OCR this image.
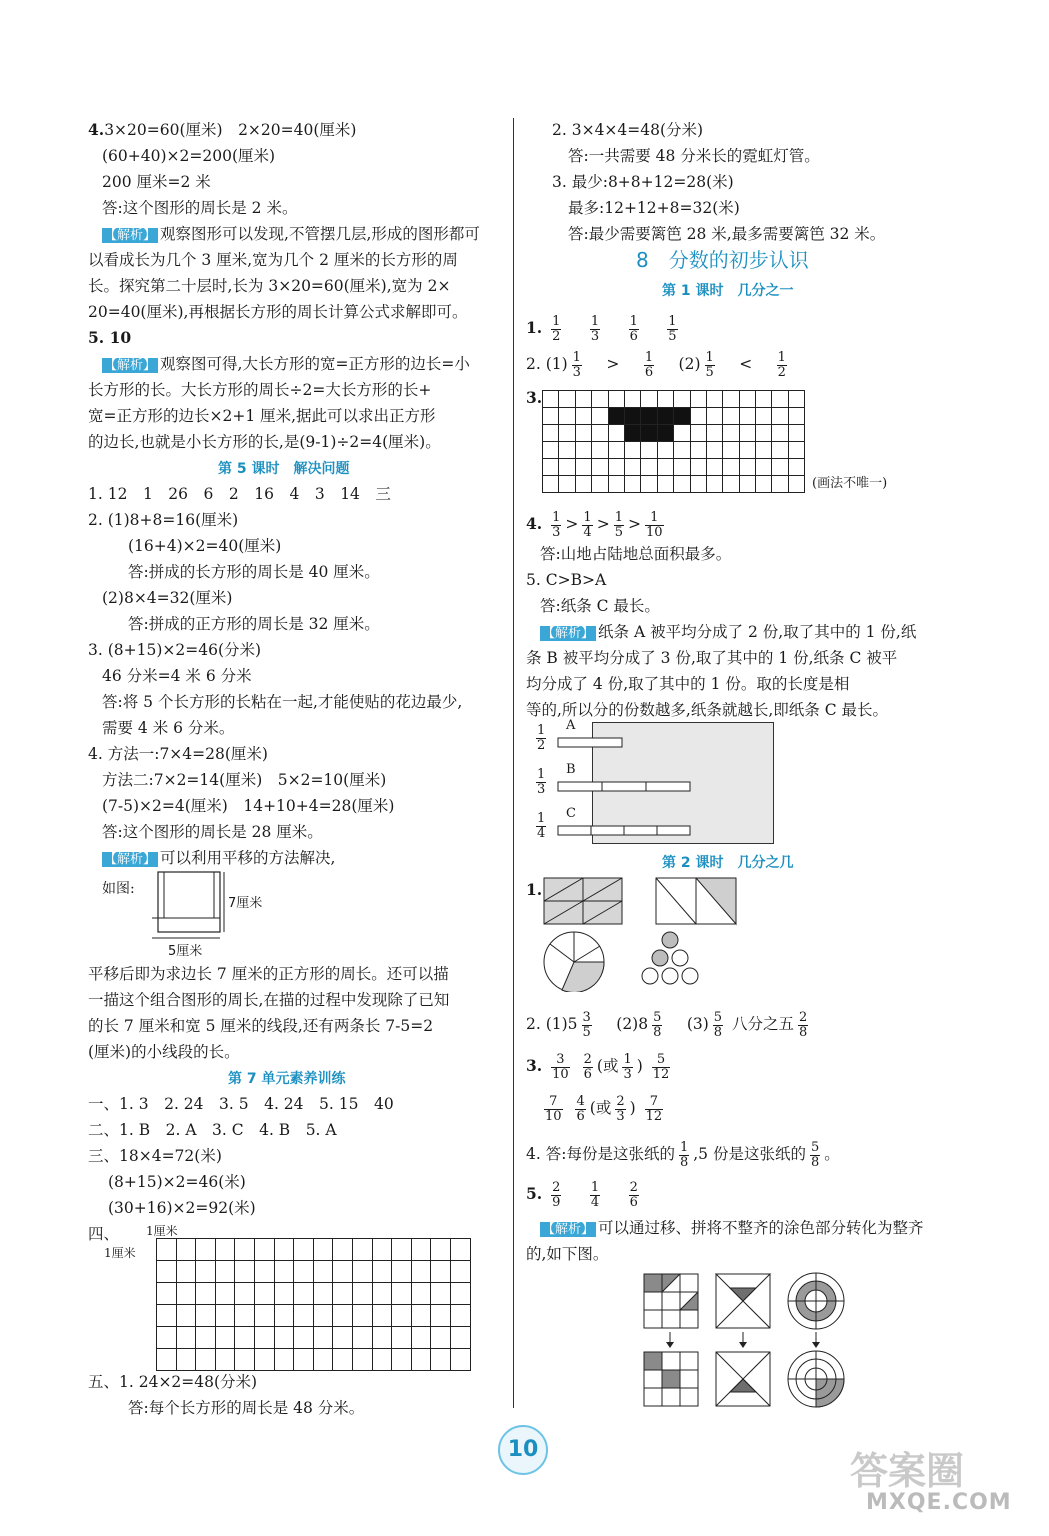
4.3×20=60(厘米)　2×20=40(厘米)
(60+40)×2=200(厘米)
200 厘米=2 米
答:这个图形的周长是 2 米。
【解析】 观察图形可以发现,不管摆几层,形成的图形都可
以看成长为几个 3 厘米,宽为几个 2 厘米的长方形的周
长。探究第二十层时,长为 3×20=60(厘米),宽为 2×
20=40(厘米),再根据长方形的周长计算公式求解即可。
5. 10
【解析】 观察图可得,大长方形的宽=正方形的边长=小
长方形的长。大长方形的周长÷2=大长方形的长+
宽=正方形的边长×2+1 厘米,据此可以求出正方形
的边长,也就是小长方形的长,是(9-1)÷2=4(厘米)。
第 5 课时　解决问题
1. 12　1　26　6　2　16　4　3　14　三
2. (1)8+8=16(厘米)
(16+4)×2=40(厘米)
答:拼成的长方形的周长是 40 厘米。
(2)8×4=32(厘米)
答:拼成的正方形的周长是 32 厘米。
3. (8+15)×2=46(分米)
46 分米=4 米 6 分米
答:将 5 个长方形的长粘在一起,才能使贴的花边最少,
需要 4 米 6 分米。
4. 方法一:7×4=28(厘米)
方法二:7×2=14(厘米)　5×2=10(厘米)
(7-5)×2=4(厘米)　14+10+4=28(厘米)
答:这个图形的周长是 28 厘米。
【解析】 可以利用平移的方法解决,
如图:
7厘米
5厘米
平移后即为求边长 7 厘米的正方形的周长。还可以描
一描这个组合图形的周长,在描的过程中发现除了已知
的长 7 厘米和宽 5 厘米的线段,还有两条长 7-5=2
(厘米)的小线段的长。
第 7 单元素养训练
一、1. 3　2. 24　3. 5　4. 24　5. 15　40
二、1. B　2. A　3. C　4. B　5. A
三、18×4=72(米)
(8+15)×2=46(米)
(30+16)×2=92(米)
四、 1厘米
1厘米
五、1. 24×2=48(分米)
答:每个长方形的周长是 48 分米。
2. 3×4×4=48(分米)
答:一共需要 48 分米长的霓虹灯管。
3. 最少:8+8+12=28(米)
最多:12+12+8=32(米)
答:最少需要篱笆 28 米,最多需要篱笆 32 米。
8　分数的初步认识
第 1 课时　几分之一
1. $\frac{1}{2}$
　 $\frac{1}{3}$
　 $\frac{1}{6}$
　 $\frac{1}{5}$
2. $(1) \frac{1}{3}$
　 >　 $\frac{1}{6}$
　 $(2) \frac{1}{5}$
　 <　 $\frac{1}{2}$
3.
(画法不唯一)
4. $\frac{1}{3} > \frac{1}{4} > \frac{1}{5} > \frac{1}{10}$
答:山地占陆地总面积最多。
5. C>B>A
答:纸条 C 最长。
【解析】 纸条 A 被平均分成了 2 份,取了其中的 1 份,纸
条 B 被平均分成了 3 份,取了其中的 1 份,纸条 C 被平
均分成了 4 份,取了其中的 1 份。取的长度是相
等的,所以分的份数越多,纸条就越长,即纸条 C 最长。
$\frac{1}{2}$
$\frac{1}{3}$
$\frac{1}{4}$
A
B
C
第 2 课时　几分之几
1.
2. $(1)5 \frac{3}{5}$
　 $(2)8 \frac{5}{8}$
　 $(3) \frac{5}{8}$ 八分之五 $\frac{2}{8}$
3. $\frac{3}{10}$
$\frac{2}{6}$ (或 $\frac{1}{3}$ ) $\frac{5}{12}$
$\frac{7}{10}$
$\frac{4}{6}$ (或 $\frac{2}{3}$ ) $\frac{7}{12}$
4. 答:每份是这张纸的 $\frac{1}{8} ,5$ 份是这张纸的 $\frac{5}{8}$ 。
5. $\frac{2}{9}$
　 $\frac{1}{4}$
　 $\frac{2}{6}$
【解析】 可以通过移、拼将不整齐的涂色部分转化为整齐
的,如下图。
10	答案圈
MXQE.COM
